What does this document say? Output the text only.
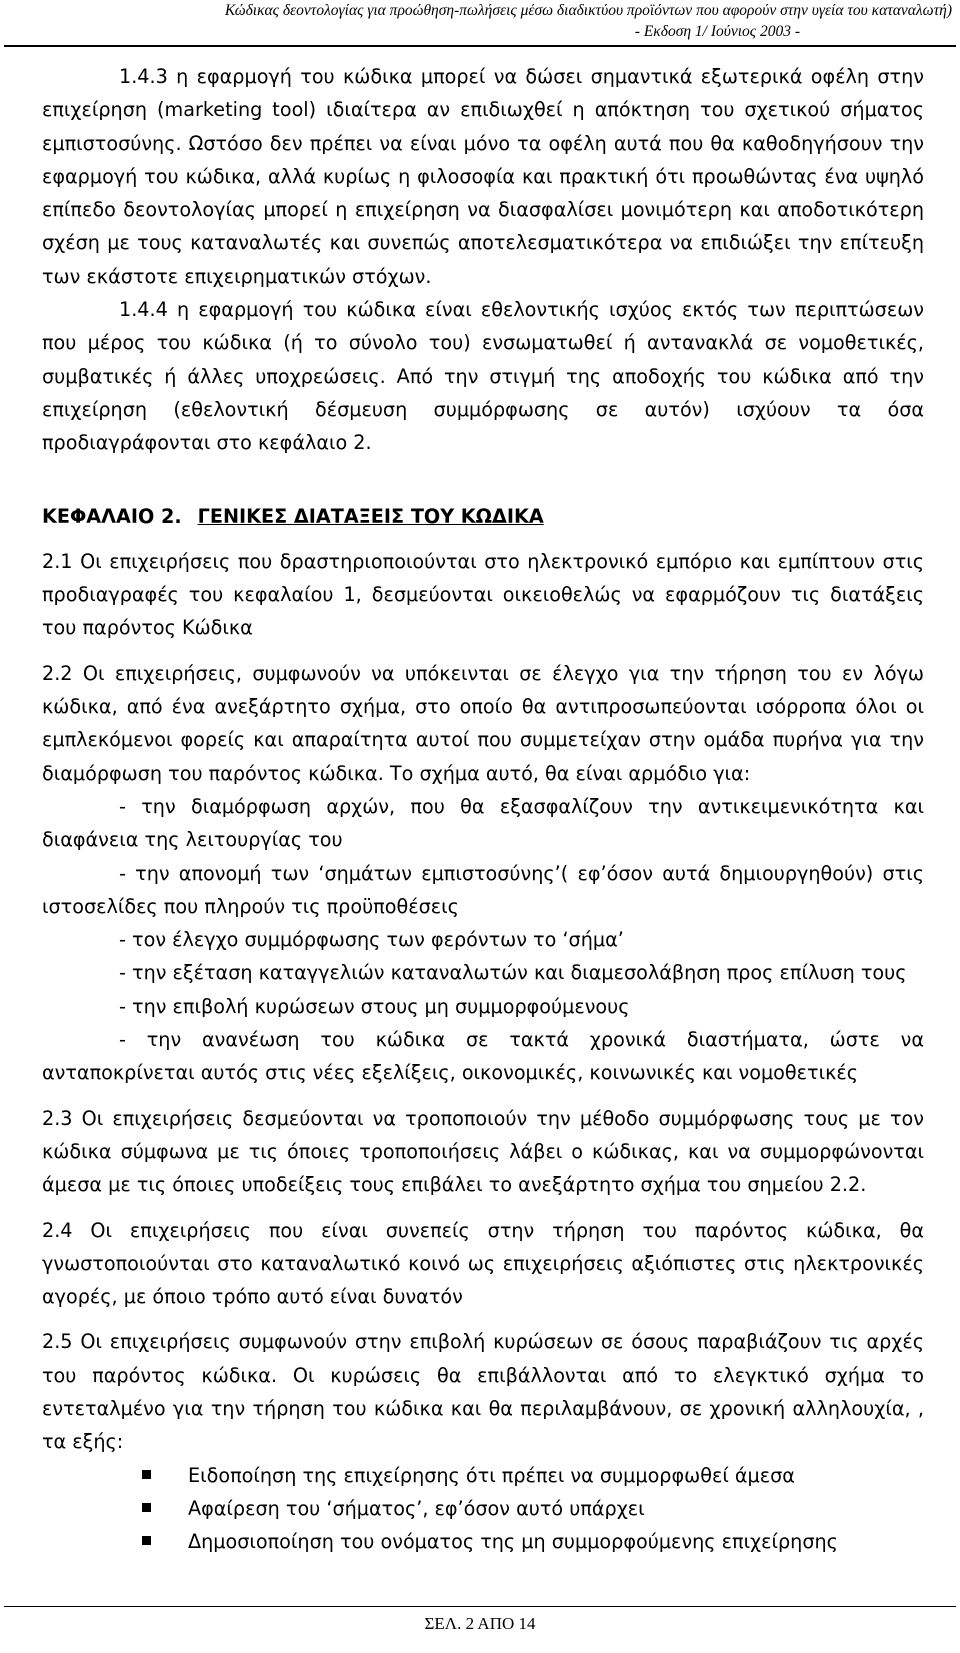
Κώδικας δεοντολογίας για προώθηση-πωλήσεις μέσω διαδικτύου προϊόντων που αφορούν στην υγεία του καταναλωτή)
- Εκδοση 1/ Ιούνιος 2003 -

1.4.3 η εφαρμογή του κώδικα μπορεί να δώσει σημαντικά εξωτερικά οφέλη στην επιχείρηση (marketing tool) ιδιαίτερα αν επιδιωχθεί η απόκτηση του σχετικού σήματος εμπιστοσύνης. Ωστόσο δεν πρέπει να είναι μόνο τα οφέλη αυτά που θα καθοδηγήσουν την εφαρμογή του κώδικα, αλλά κυρίως η φιλοσοφία και πρακτική ότι προωθώντας ένα υψηλό επίπεδο δεοντολογίας μπορεί η επιχείρηση να διασφαλίσει μονιμότερη και αποδοτικότερη σχέση με τους καταναλωτές και συνεπώς αποτελεσματικότερα να επιδιώξει την επίτευξη των εκάστοτε επιχειρηματικών στόχων.

1.4.4 η εφαρμογή του κώδικα είναι εθελοντικής ισχύος εκτός των περιπτώσεων που μέρος του κώδικα (ή το σύνολο του) ενσωματωθεί ή αντανακλά σε νομοθετικές, συμβατικές ή άλλες υποχρεώσεις. Από την στιγμή της αποδοχής του κώδικα από την επιχείρηση (εθελοντική δέσμευση συμμόρφωσης σε αυτόν) ισχύουν τα όσα προδιαγράφονται στο κεφάλαιο 2.

ΚΕΦΑΛΑΙΟ 2. ΓΕΝΙΚΕΣ ΔΙΑΤΑΞΕΙΣ ΤΟΥ ΚΩΔΙΚΑ

2.1 Οι επιχειρήσεις που δραστηριοποιούνται στο ηλεκτρονικό εμπόριο και εμπίπτουν στις προδιαγραφές του κεφαλαίου 1, δεσμεύονται οικειοθελώς να εφαρμόζουν τις διατάξεις του παρόντος Κώδικα

2.2 Οι επιχειρήσεις, συμφωνούν να υπόκεινται σε έλεγχο για την τήρηση του εν λόγω κώδικα, από ένα ανεξάρτητο σχήμα, στο οποίο θα αντιπροσωπεύονται ισόρροπα όλοι οι εμπλεκόμενοι φορείς και απαραίτητα αυτοί που συμμετείχαν στην ομάδα πυρήνα για την διαμόρφωση του παρόντος κώδικα. Το σχήμα αυτό, θα είναι αρμόδιο για:

- την διαμόρφωση αρχών, που θα εξασφαλίζουν την αντικειμενικότητα και διαφάνεια της λειτουργίας του

- την απονομή των ‘σημάτων εμπιστοσύνης’( εφ’όσον αυτά δημιουργηθούν) στις ιστοσελίδες που πληρούν τις προϋποθέσεις

- τον έλεγχο συμμόρφωσης των φερόντων το ‘σήμα’

- την εξέταση καταγγελιών καταναλωτών και διαμεσολάβηση προς επίλυση τους

- την επιβολή κυρώσεων στους μη συμμορφούμενους

- την ανανέωση του κώδικα σε τακτά χρονικά διαστήματα, ώστε να ανταποκρίνεται αυτός στις νέες εξελίξεις, οικονομικές, κοινωνικές και νομοθετικές

2.3 Οι επιχειρήσεις δεσμεύονται να τροποποιούν την μέθοδο συμμόρφωσης τους με τον κώδικα σύμφωνα με τις όποιες τροποποιήσεις λάβει ο κώδικας, και να συμμορφώνονται άμεσα με τις όποιες υποδείξεις τους επιβάλει το ανεξάρτητο σχήμα του σημείου 2.2.

2.4 Οι επιχειρήσεις που είναι συνεπείς στην τήρηση του παρόντος κώδικα, θα γνωστοποιούνται στο καταναλωτικό κοινό ως επιχειρήσεις αξιόπιστες στις ηλεκτρονικές αγορές, με όποιο τρόπο αυτό είναι δυνατόν

2.5 Οι επιχειρήσεις συμφωνούν στην επιβολή κυρώσεων σε όσους παραβιάζουν τις αρχές του παρόντος κώδικα. Οι κυρώσεις θα επιβάλλονται από το ελεγκτικό σχήμα το εντεταλμένο για την τήρηση του κώδικα και θα περιλαμβάνουν, σε χρονική αλληλουχία, , τα εξής:

Ειδοποίηση της επιχείρησης ότι πρέπει να συμμορφωθεί άμεσα
Αφαίρεση του ‘σήματος’, εφ’όσον αυτό υπάρχει
Δημοσιοποίηση του ονόματος της μη συμμορφούμενης επιχείρησης
ΣΕΛ. 2 ΑΠΟ 14
